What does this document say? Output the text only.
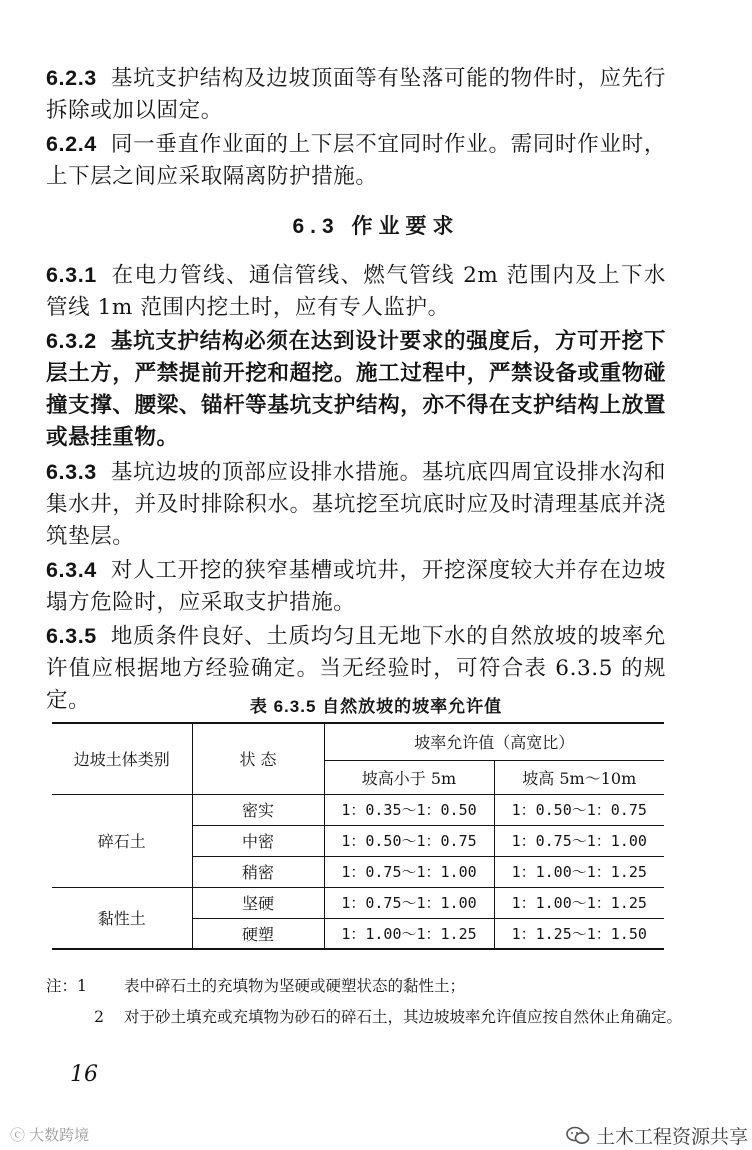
6.2.3 基坑支护结构及边坡顶面等有坠落可能的物件时，应先行拆除或加以固定。

6.2.4 同一垂直作业面的上下层不宜同时作业。需同时作业时，上下层之间应采取隔离防护措施。

6.3 作业要求

6.3.1 在电力管线、通信管线、燃气管线 2m 范围内及上下水管线 1m 范围内挖土时，应有专人监护。

6.3.2 基坑支护结构必须在达到设计要求的强度后，方可开挖下层土方，严禁提前开挖和超挖。施工过程中，严禁设备或重物碰撞支撑、腰梁、锚杆等基坑支护结构，亦不得在支护结构上放置或悬挂重物。

6.3.3 基坑边坡的顶部应设排水措施。基坑底四周宜设排水沟和集水井，并及时排除积水。基坑挖至坑底时应及时清理基底并浇筑垫层。

6.3.4 对人工开挖的狭窄基槽或坑井，开挖深度较大并存在边坡塌方危险时，应采取支护措施。

6.3.5 地质条件良好、土质均匀且无地下水的自然放坡的坡率允许值应根据地方经验确定。当无经验时，可符合表 6.3.5 的规定。	表 6.3.5 自然放坡的坡率允许值
边坡土体类别	状 态	坡率允许值（高宽比）	
		坡高小于 5m	坡高 5m～10m
碎石土	密实	1：0.35～1：0.50	1：0.50～1：0.75
	中密	1：0.50～1：0.75	1：0.75～1：1.00
	稍密	1：0.75～1：1.00	1：1.00～1：1.25
黏性土	坚硬	1：0.75～1：1.00	1：1.00～1：1.25
	硬塑	1：1.00～1：1.25	1：1.25～1：1.50
注：1	表中碎石土的充填物为坚硬或硬塑状态的黏性土；
2	对于砂土填充或充填物为砂石的碎石土，其边坡坡率允许值应按自然休止角确定。
16
ⓒ 大数跨境	土木工程资源共享
